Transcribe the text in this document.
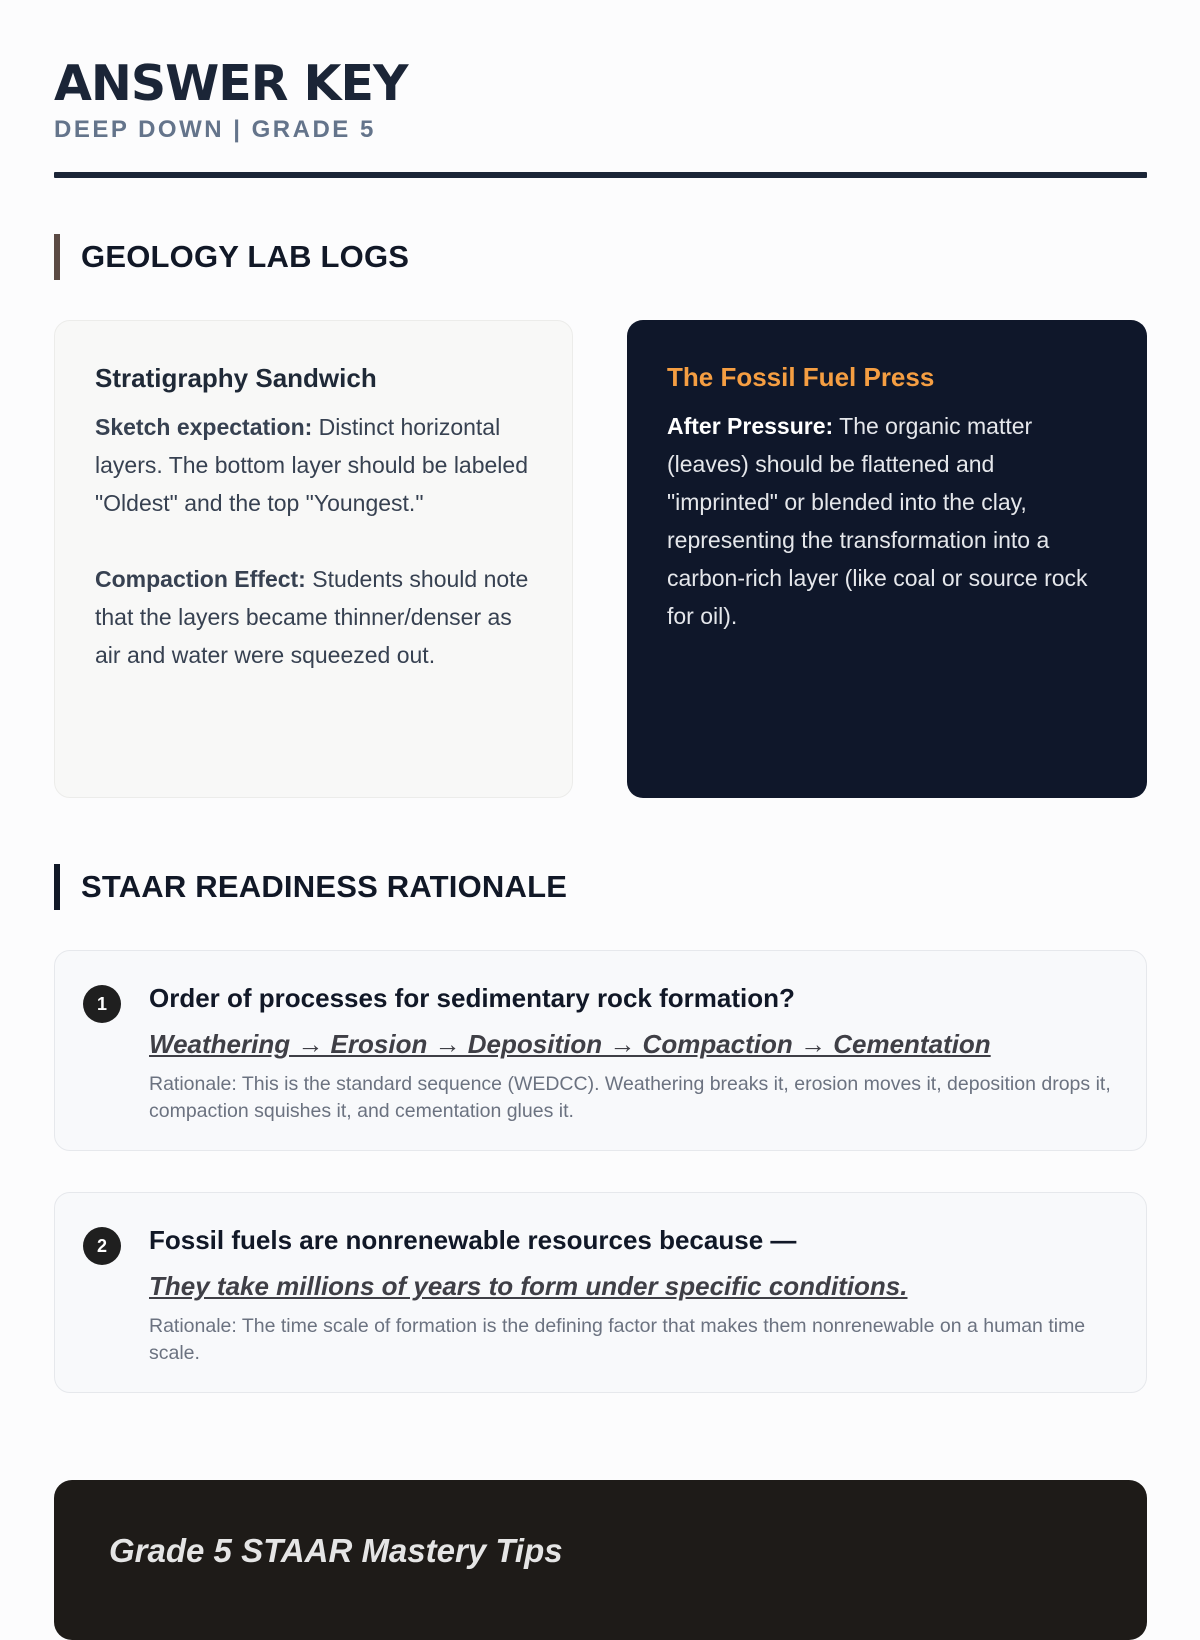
ANSWER KEY
DEEP DOWN | GRADE 5
GEOLOGY LAB LOGS
Stratigraphy Sandwich

Sketch expectation: Distinct horizontal layers. The bottom layer should be labeled "Oldest" and the top "Youngest."

Compaction Effect: Students should note that the layers became thinner/denser as air and water were squeezed out.

The Fossil Fuel Press

After Pressure: The organic matter (leaves) should be flattened and "imprinted" or blended into the clay, representing the transformation into a carbon-rich layer (like coal or source rock for oil).

STAAR READINESS RATIONALE
1	Order of processes for sedimentary rock formation?

Weathering → Erosion → Deposition → Compaction → Cementation
Rationale: This is the standard sequence (WEDCC). Weathering breaks it, erosion moves it, deposition drops it, compaction squishes it, and cementation glues it.
2	Fossil fuels are nonrenewable resources because —

They take millions of years to form under specific conditions.
Rationale: The time scale of formation is the defining factor that makes them nonrenewable on a human time scale.
Grade 5 STAAR Mastery Tips
